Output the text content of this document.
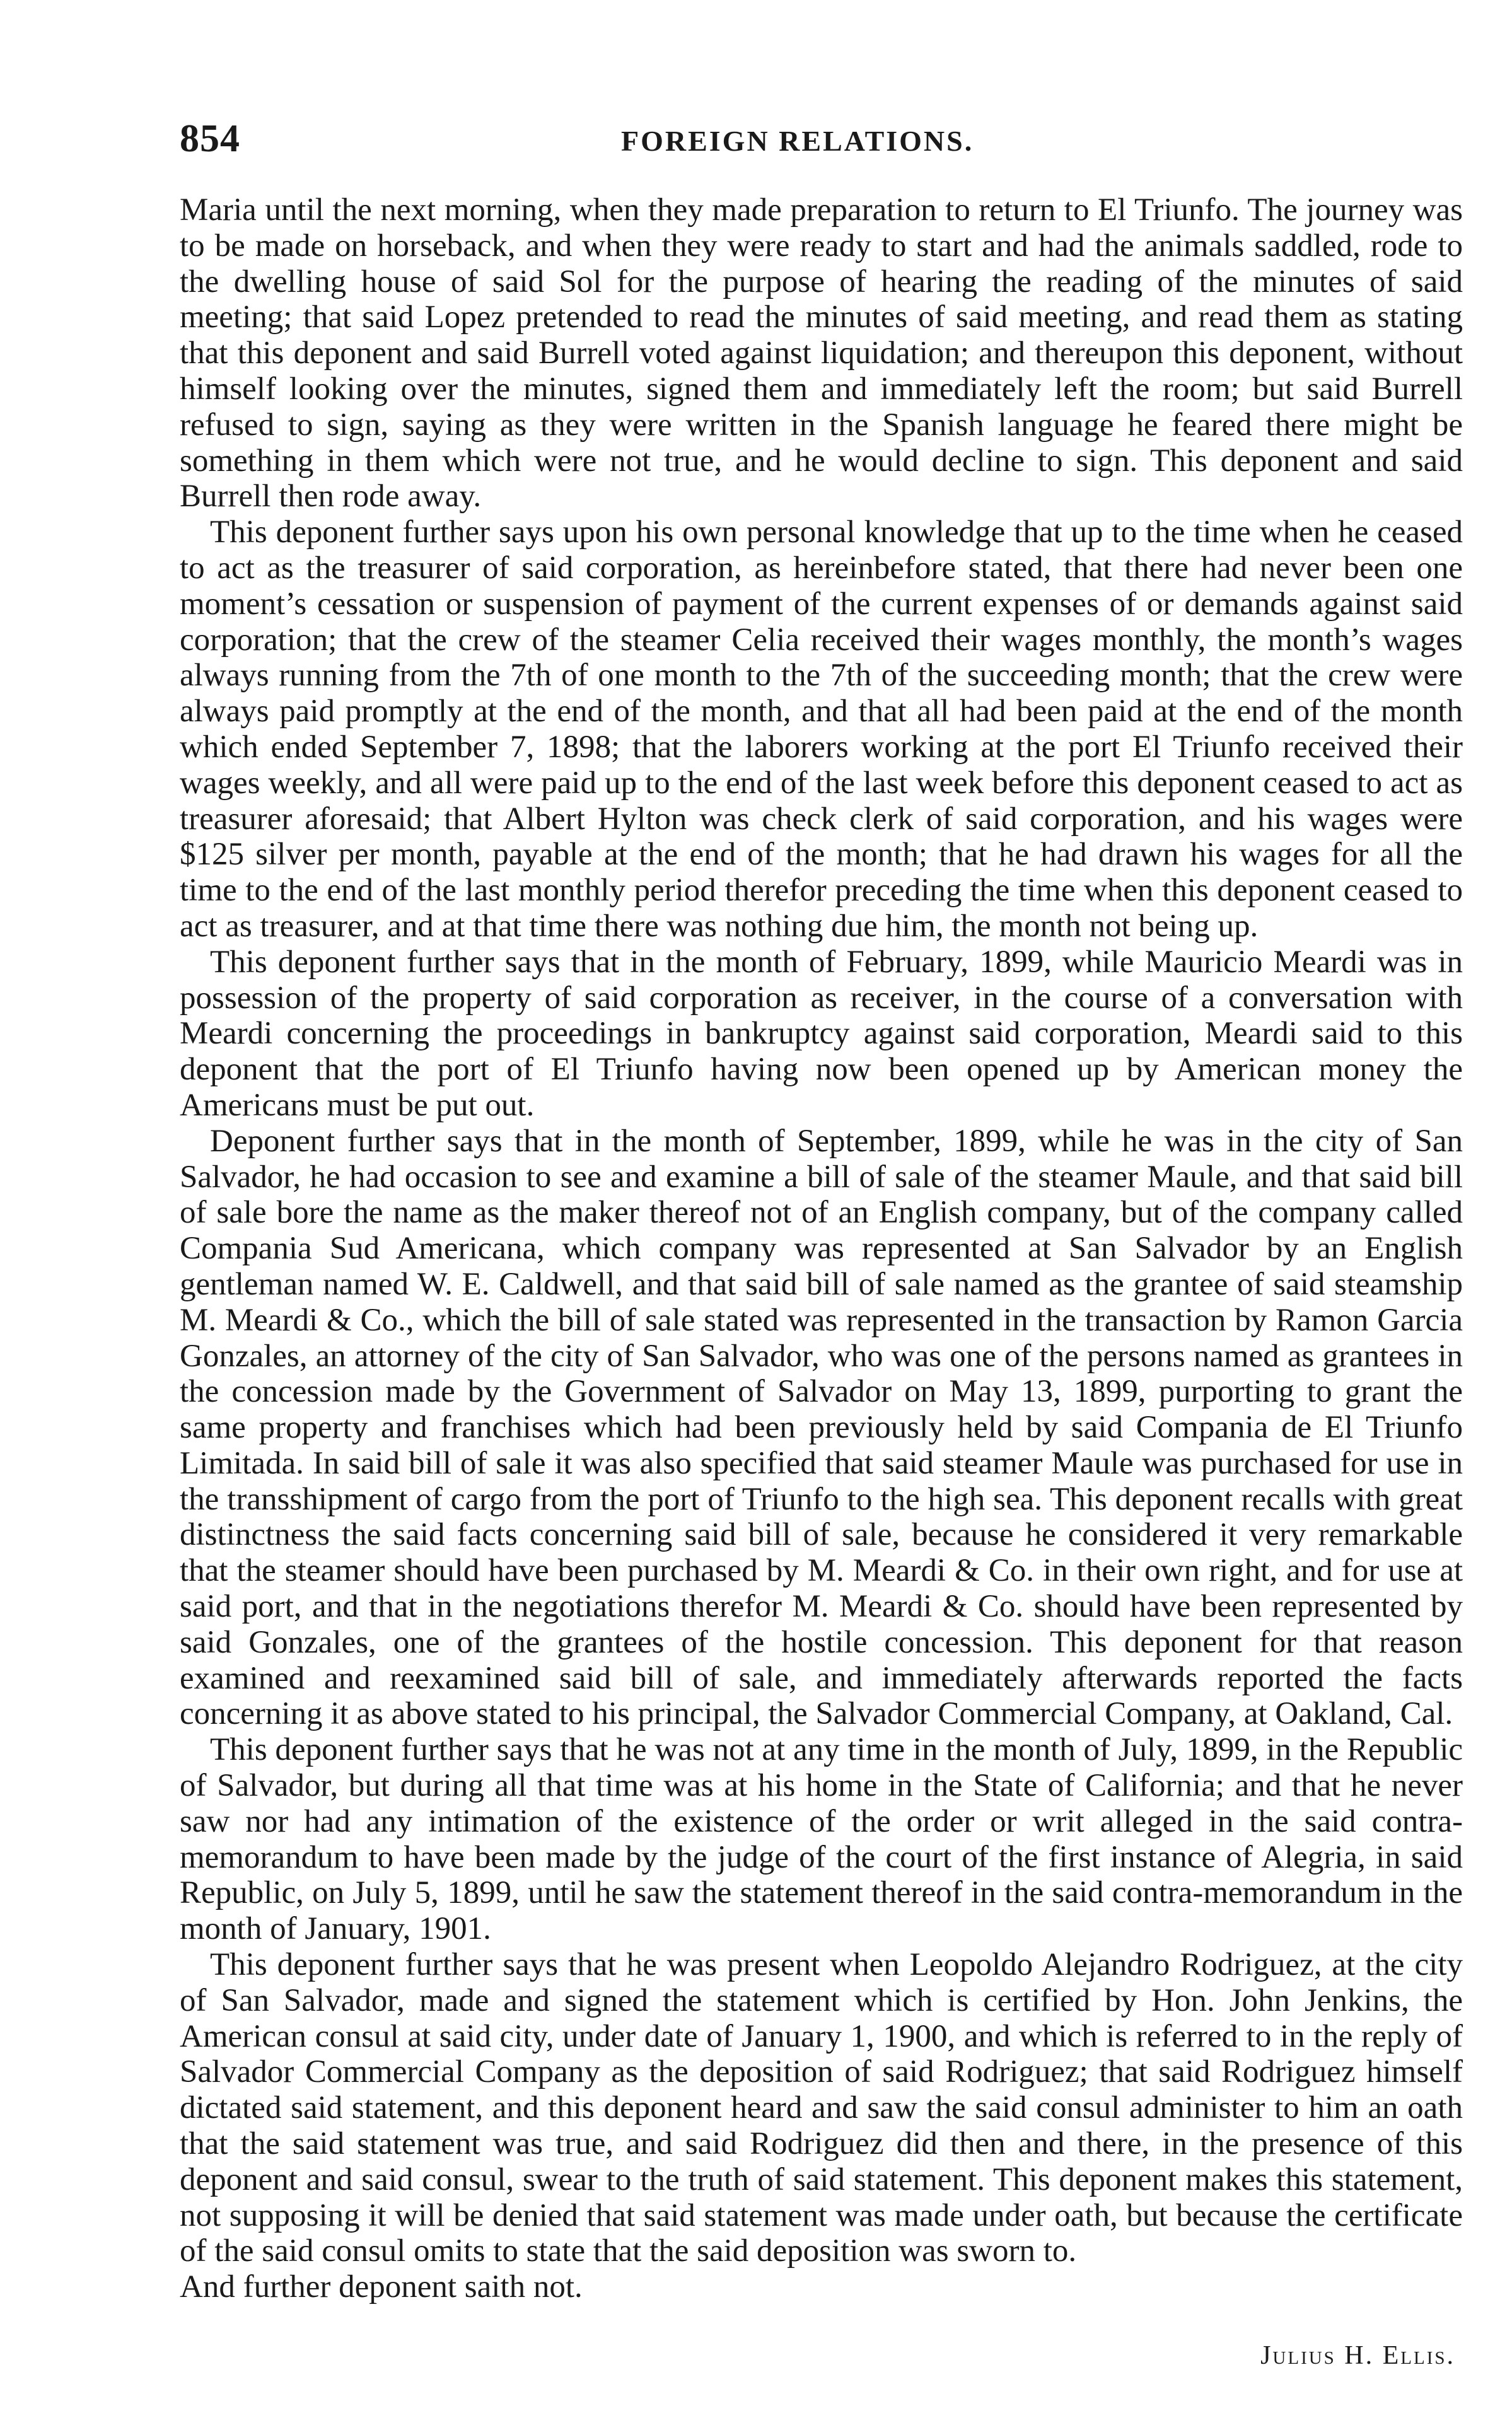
854	FOREIGN RELATIONS.

Maria until the next morning, when they made preparation to return to El Triunfo. The journey was to be made on horseback, and when they were ready to start and had the animals saddled, rode to the dwelling house of said Sol for the purpose of hearing the reading of the minutes of said meeting; that said Lopez pretended to read the minutes of said meeting, and read them as stating that this deponent and said Burrell voted against liquidation; and thereupon this deponent, without himself looking over the minutes, signed them and immediately left the room; but said Burrell refused to sign, saying as they were written in the Spanish language he feared there might be something in them which were not true, and he would decline to sign. This deponent and said Burrell then rode away.

This deponent further says upon his own personal knowledge that up to the time when he ceased to act as the treasurer of said corporation, as hereinbefore stated, that there had never been one moment’s cessation or suspension of payment of the current expenses of or demands against said corporation; that the crew of the steamer Celia received their wages monthly, the month’s wages always running from the 7th of one month to the 7th of the succeeding month; that the crew were always paid promptly at the end of the month, and that all had been paid at the end of the month which ended September 7, 1898; that the laborers working at the port El Triunfo received their wages weekly, and all were paid up to the end of the last week before this deponent ceased to act as treasurer aforesaid; that Albert Hylton was check clerk of said corporation, and his wages were $125 silver per month, payable at the end of the month; that he had drawn his wages for all the time to the end of the last monthly period therefor preceding the time when this deponent ceased to act as treasurer, and at that time there was nothing due him, the month not being up.

This deponent further says that in the month of February, 1899, while Mauricio Meardi was in possession of the property of said corporation as receiver, in the course of a conversation with Meardi concerning the proceedings in bankruptcy against said corporation, Meardi said to this deponent that the port of El Triunfo having now been opened up by American money the Americans must be put out.

Deponent further says that in the month of September, 1899, while he was in the city of San Salvador, he had occasion to see and examine a bill of sale of the steamer Maule, and that said bill of sale bore the name as the maker thereof not of an English company, but of the company called Compania Sud Americana, which company was represented at San Salvador by an English gentleman named W. E. Caldwell, and that said bill of sale named as the grantee of said steamship M. Meardi & Co., which the bill of sale stated was represented in the transaction by Ramon Garcia Gonzales, an attorney of the city of San Salvador, who was one of the persons named as grantees in the concession made by the Government of Salvador on May 13, 1899, purporting to grant the same property and franchises which had been previously held by said Compania de El Triunfo Limitada. In said bill of sale it was also specified that said steamer Maule was purchased for use in the transshipment of cargo from the port of Triunfo to the high sea. This deponent recalls with great distinctness the said facts concerning said bill of sale, because he considered it very remarkable that the steamer should have been purchased by M. Meardi & Co. in their own right, and for use at said port, and that in the negotiations therefor M. Meardi & Co. should have been represented by said Gonzales, one of the grantees of the hostile concession. This deponent for that reason examined and reexamined said bill of sale, and immediately afterwards reported the facts concerning it as above stated to his principal, the Salvador Commercial Company, at Oakland, Cal.

This deponent further says that he was not at any time in the month of July, 1899, in the Republic of Salvador, but during all that time was at his home in the State of California; and that he never saw nor had any intimation of the existence of the order or writ alleged in the said contra-memorandum to have been made by the judge of the court of the first instance of Alegria, in said Republic, on July 5, 1899, until he saw the statement thereof in the said contra-memorandum in the month of January, 1901.

This deponent further says that he was present when Leopoldo Alejandro Rodriguez, at the city of San Salvador, made and signed the statement which is certified by Hon. John Jenkins, the American consul at said city, under date of January 1, 1900, and which is referred to in the reply of Salvador Commercial Company as the deposition of said Rodriguez; that said Rodriguez himself dictated said statement, and this deponent heard and saw the said consul administer to him an oath that the said statement was true, and said Rodriguez did then and there, in the presence of this deponent and said consul, swear to the truth of said statement. This deponent makes this statement, not supposing it will be denied that said statement was made under oath, but because the certificate of the said consul omits to state that the said deposition was sworn to.

And further deponent saith not.

Julius H. Ellis.
